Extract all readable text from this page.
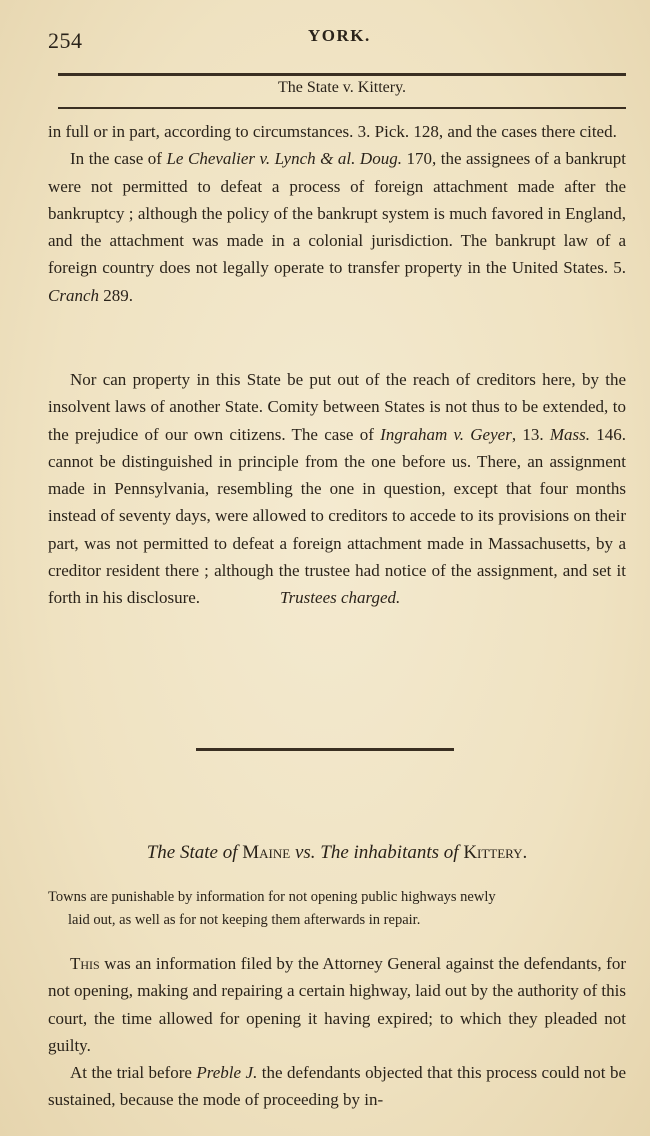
254	YORK.
The State v. Kittery.

in full or in part, according to circumstances. 3. Pick. 128, and the cases there cited.

In the case of Le Chevalier v. Lynch & al. Doug. 170, the assignees of a bankrupt were not permitted to defeat a process of foreign attachment made after the bankruptcy ; although the policy of the bankrupt system is much favored in England, and the attachment was made in a colonial jurisdiction. The bankrupt law of a foreign country does not legally operate to transfer property in the United States. 5. Cranch 289.

Nor can property in this State be put out of the reach of creditors here, by the insolvent laws of another State. Comity between States is not thus to be extended, to the prejudice of our own citizens. The case of Ingraham v. Geyer, 13. Mass. 146. cannot be distinguished in principle from the one before us. There, an assignment made in Pennsylvania, resembling the one in question, except that four months instead of seventy days, were allowed to creditors to accede to its provisions on their part, was not permitted to defeat a foreign attachment made in Massachusetts, by a creditor resident there ; although the trustee had notice of the assignment, and set it forth in his disclosure.	Trustees charged.

The State of Maine vs. The inhabitants of Kittery.

Towns are punishable by information for not opening public highways newly

laid out, as well as for not keeping them afterwards in repair.

This was an information filed by the Attorney General against the defendants, for not opening, making and repairing a certain highway, laid out by the authority of this court, the time allowed for opening it having expired; to which they pleaded not guilty.

At the trial before Preble J. the defendants objected that this process could not be sustained, because the mode of proceeding by in-
